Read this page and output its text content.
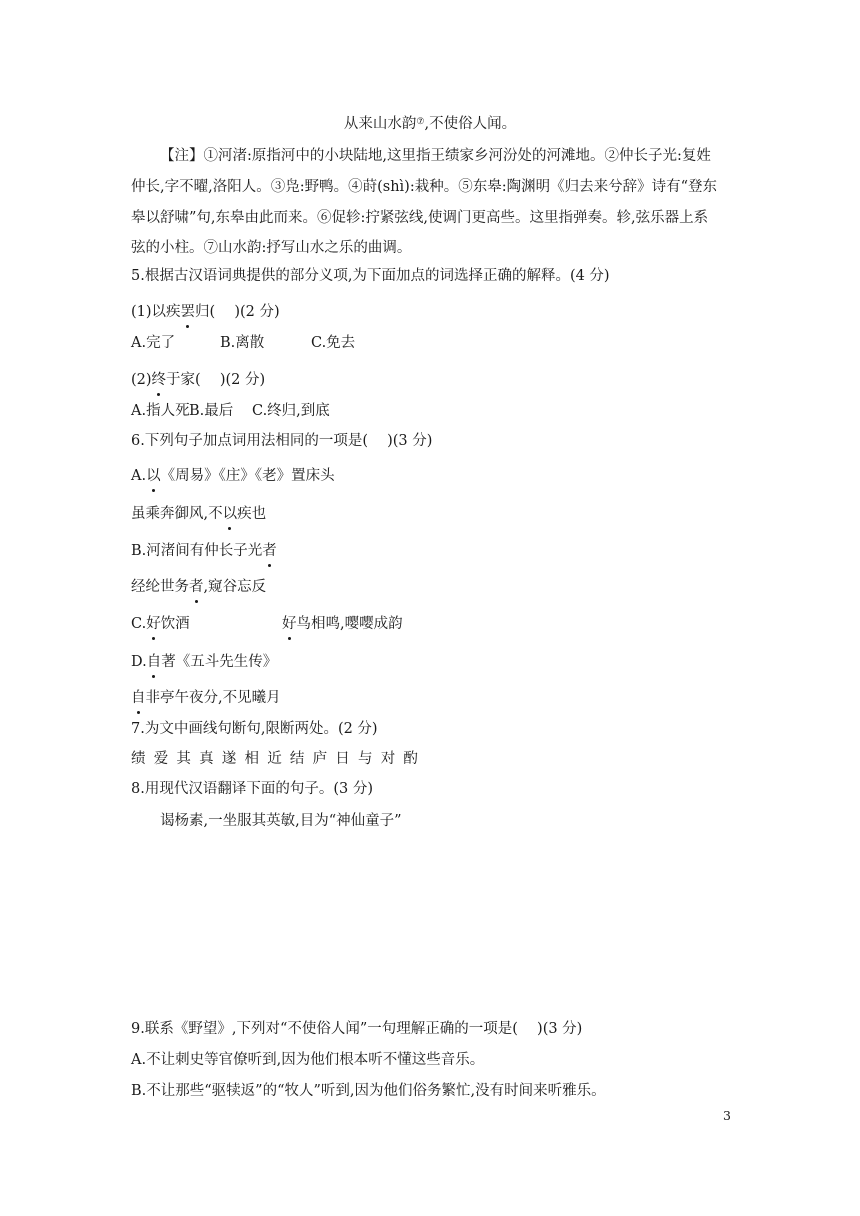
从来山水韵⑦,不使俗人闻。
【注】①河渚:原指河中的小块陆地,这里指王绩家乡河汾处的河滩地。②仲长子光:复姓
仲长,字不曜,洛阳人。③凫:野鸭。④莳(shì):栽种。⑤东皋:陶渊明《归去来兮辞》诗有“登东
皋以舒啸”句,东皋由此而来。⑥促轸:拧紧弦线,使调门更高些。这里指弹奏。轸,弦乐器上系
弦的小柱。⑦山水韵:抒写山水之乐的曲调。
5.根据古汉语词典提供的部分义项,为下面加点的词选择正确的解释。(4 分)
(1)以疾罢归(　 )(2 分)
A.完了	B.离散	C.免去

(2)终于家(　 )(2 分)
A.指人死 B.最后 C.终归,到底

6.下列句子加点词用法相同的一项是(　 )(3 分)
A.以《周易》《庄》《老》置床头
虽乘奔御风,不以疾也
B.河渚间有仲长子光者
经纶世务者,窥谷忘反
C.好饮酒	好鸟相鸣,嘤嘤成韵
D.自著《五斗先生传》
自非亭午夜分,不见曦月
7.为文中画线句断句,限断两处。(2 分)
绩爱其真遂相近结庐日与对酌
8.用现代汉语翻译下面的句子。(3 分)
谒杨素,一坐服其英敏,目为“神仙童子”
9.联系《野望》,下列对“不使俗人闻”一句理解正确的一项是(　 )(3 分)
A.不让刺史等官僚听到,因为他们根本听不懂这些音乐。
B.不让那些“驱犊返”的“牧人”听到,因为他们俗务繁忙,没有时间来听雅乐。
3
